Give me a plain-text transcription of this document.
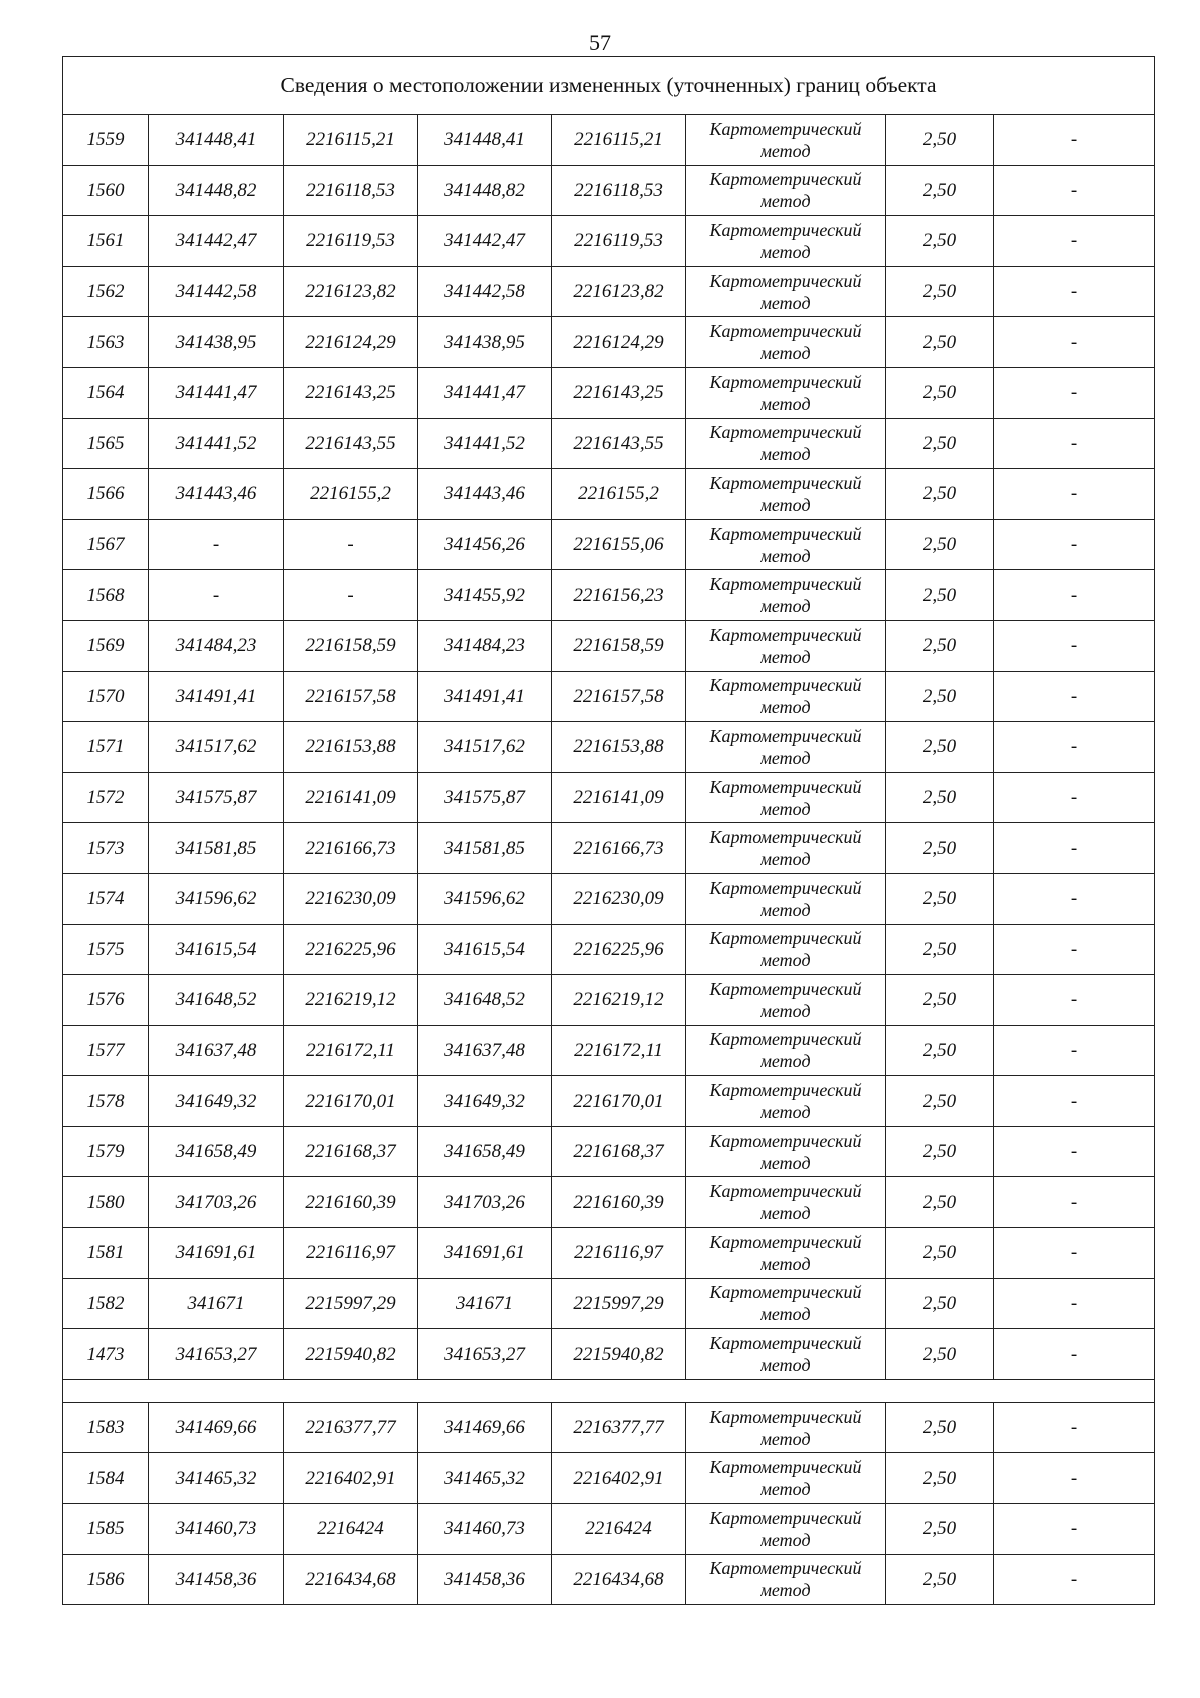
57
Сведения о местоположении измененных (уточненных) границ объекта							
1559	341448,41	2216115,21	341448,41	2216115,21	Картометрический метод	2,50	-
1560	341448,82	2216118,53	341448,82	2216118,53	Картометрический метод	2,50	-
1561	341442,47	2216119,53	341442,47	2216119,53	Картометрический метод	2,50	-
1562	341442,58	2216123,82	341442,58	2216123,82	Картометрический метод	2,50	-
1563	341438,95	2216124,29	341438,95	2216124,29	Картометрический метод	2,50	-
1564	341441,47	2216143,25	341441,47	2216143,25	Картометрический метод	2,50	-
1565	341441,52	2216143,55	341441,52	2216143,55	Картометрический метод	2,50	-
1566	341443,46	2216155,2	341443,46	2216155,2	Картометрический метод	2,50	-
1567	-	-	341456,26	2216155,06	Картометрический метод	2,50	-
1568	-	-	341455,92	2216156,23	Картометрический метод	2,50	-
1569	341484,23	2216158,59	341484,23	2216158,59	Картометрический метод	2,50	-
1570	341491,41	2216157,58	341491,41	2216157,58	Картометрический метод	2,50	-
1571	341517,62	2216153,88	341517,62	2216153,88	Картометрический метод	2,50	-
1572	341575,87	2216141,09	341575,87	2216141,09	Картометрический метод	2,50	-
1573	341581,85	2216166,73	341581,85	2216166,73	Картометрический метод	2,50	-
1574	341596,62	2216230,09	341596,62	2216230,09	Картометрический метод	2,50	-
1575	341615,54	2216225,96	341615,54	2216225,96	Картометрический метод	2,50	-
1576	341648,52	2216219,12	341648,52	2216219,12	Картометрический метод	2,50	-
1577	341637,48	2216172,11	341637,48	2216172,11	Картометрический метод	2,50	-
1578	341649,32	2216170,01	341649,32	2216170,01	Картометрический метод	2,50	-
1579	341658,49	2216168,37	341658,49	2216168,37	Картометрический метод	2,50	-
1580	341703,26	2216160,39	341703,26	2216160,39	Картометрический метод	2,50	-
1581	341691,61	2216116,97	341691,61	2216116,97	Картометрический метод	2,50	-
1582	341671	2215997,29	341671	2215997,29	Картометрический метод	2,50	-
1473	341653,27	2215940,82	341653,27	2215940,82	Картометрический метод	2,50	-

1583	341469,66	2216377,77	341469,66	2216377,77	Картометрический метод	2,50	-
1584	341465,32	2216402,91	341465,32	2216402,91	Картометрический метод	2,50	-
1585	341460,73	2216424	341460,73	2216424	Картометрический метод	2,50	-
1586	341458,36	2216434,68	341458,36	2216434,68	Картометрический метод	2,50	-
